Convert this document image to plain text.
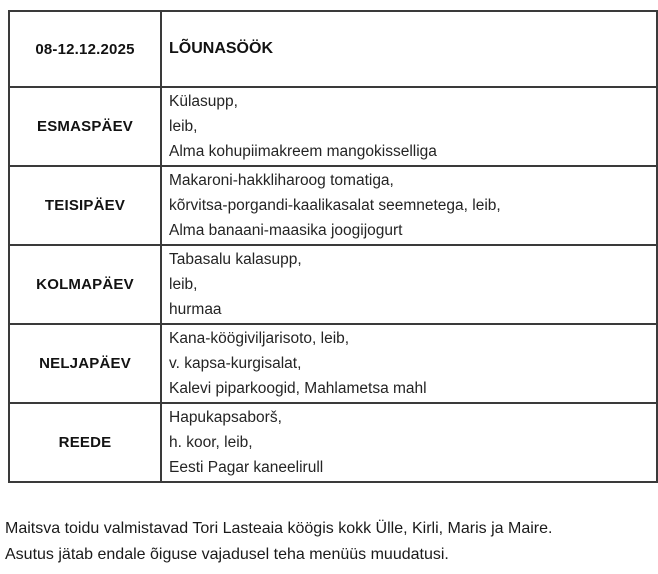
08-12.12.2025	LÕUNASÖÖK
ESMASPÄEV	Külasupp,
leib,
Alma kohupiimakreem mangokisselliga

TEISIPÄEV	Makaroni-hakkliharoog tomatiga,
kõrvitsa-porgandi-kaalikasalat seemnetega, leib,
Alma banaani-maasika joogijogurt

KOLMAPÄEV	Tabasalu kalasupp,
leib,
hurmaa

NELJAPÄEV	Kana-köögiviljarisoto, leib,
v. kapsa-kurgisalat,
Kalevi piparkoogid, Mahlametsa mahl

REEDE	Hapukapsaborš,
h. koor, leib,
Eesti Pagar kaneelirull
Maitsva toidu valmistavad Tori Lasteaia köögis kokk Ülle, Kirli, Maris ja Maire.
Asutus jätab endale õiguse vajadusel teha menüüs muudatusi.
